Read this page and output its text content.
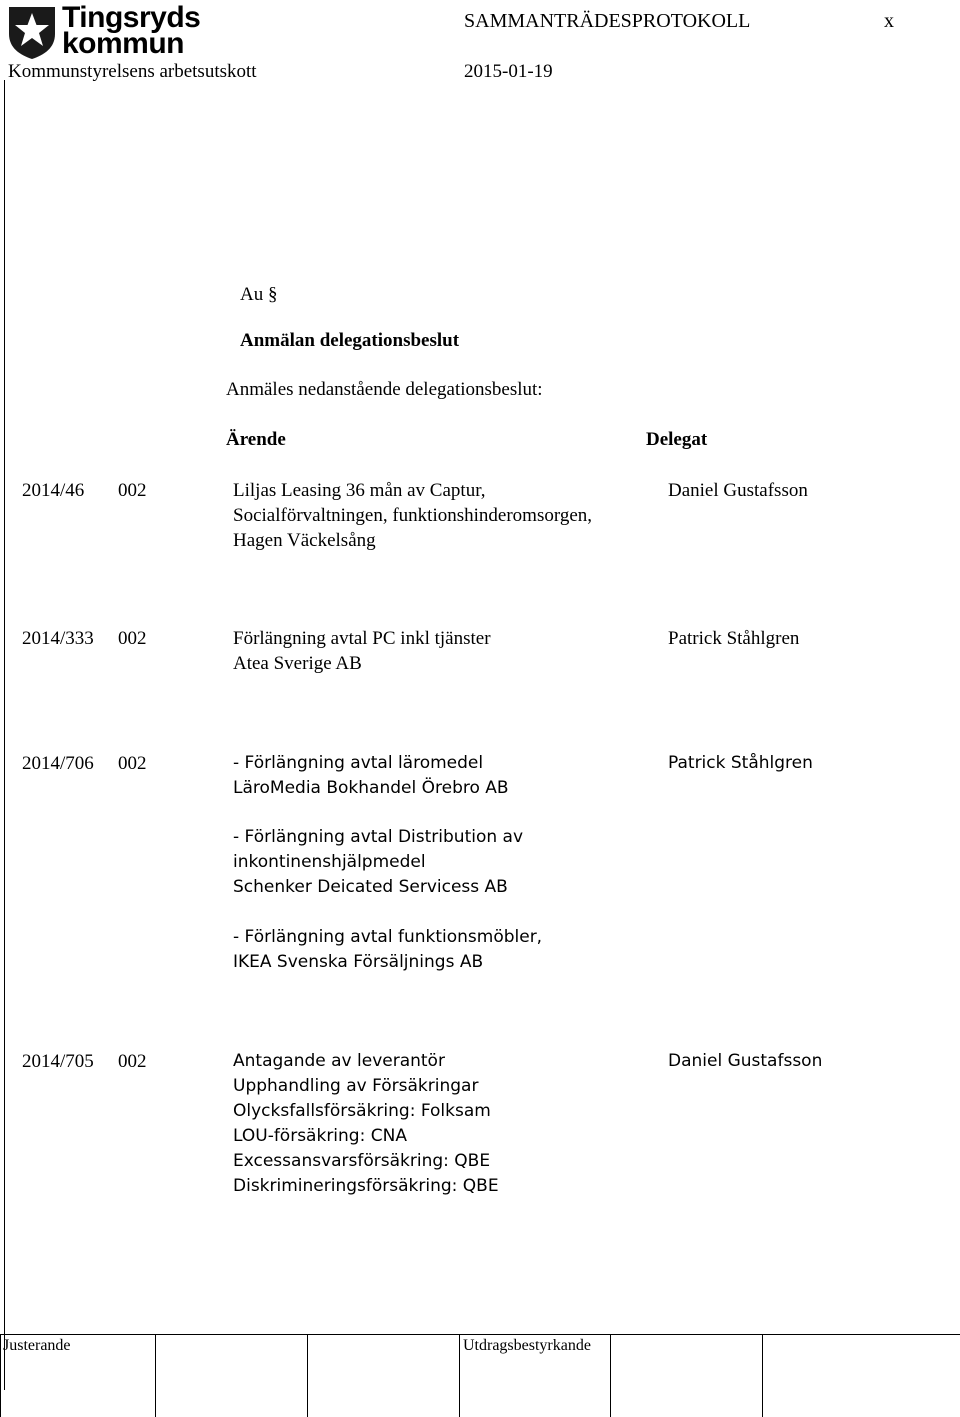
Tingsryds
kommun
SAMMANTRÄDESPROTOKOLL	x
Kommunstyrelsens arbetsutskott	2015-01-19
Au §
Anmälan delegationsbeslut
Anmäles nedanstående delegationsbeslut:
Ärende	Delegat
2014/46 002	Liljas Leasing 36 mån av Captur,
Socialförvaltningen, funktionshinderomsorgen,
Hagen Väckelsång
Daniel Gustafsson
2014/333 002	Förlängning avtal PC inkl tjänster
Atea Sverige AB
Patrick Ståhlgren
2014/706 002	- Förlängning avtal läromedel
LäroMedia Bokhandel Örebro AB
- Förlängning avtal Distribution av
inkontinenshjälpmedel
Schenker Deicated Servicess AB
- Förlängning avtal funktionsmöbler,
IKEA Svenska Försäljnings AB
Patrick Ståhlgren
2014/705 002	Antagande av leverantör
Upphandling av Försäkringar
Olycksfallsförsäkring: Folksam
LOU-försäkring: CNA
Excessansvarsförsäkring: QBE
Diskrimineringsförsäkring: QBE
Daniel Gustafsson
Justerande	Utdragsbestyrkande
